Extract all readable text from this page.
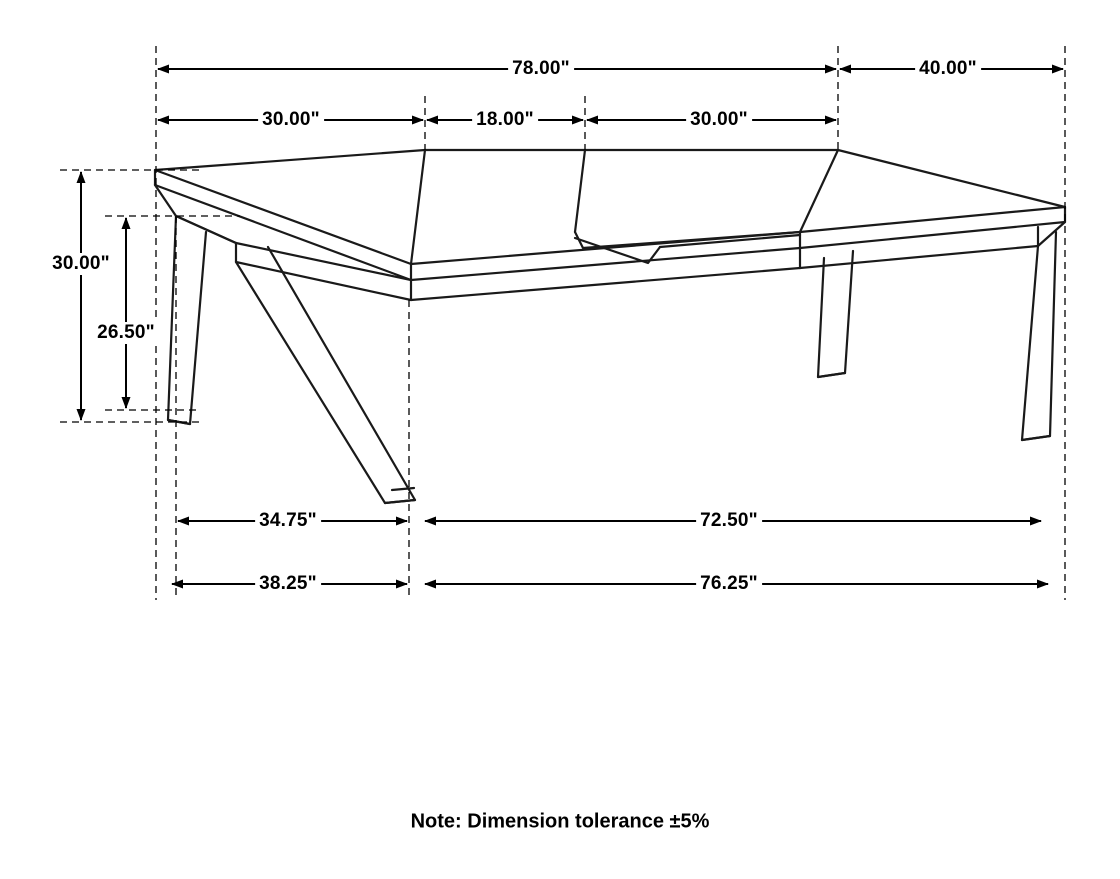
78.00"	40.00"
30.00"	18.00"	30.00"
30.00"
26.50"
34.75"	72.50"
38.25"	76.25"
Note: Dimension tolerance ±5%
